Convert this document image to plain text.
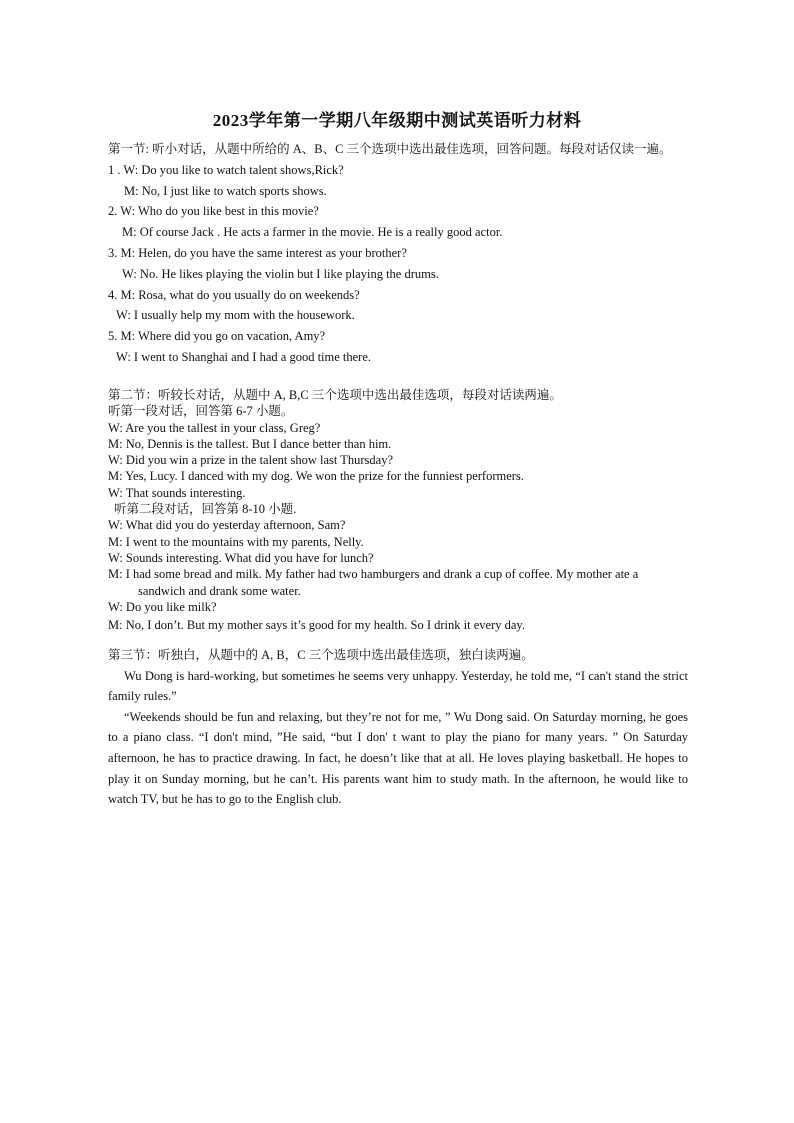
2023学年第一学期八年级期中测试英语听力材料
第一节: 听小对话，从题中所给的 A、B、C 三个选项中选出最佳选项，回答问题。每段对话仅读一遍。
1 . W: Do you like to watch talent shows,Rick?
M: No, I just like to watch sports shows.
2. W: Who do you like best in this movie?
M: Of course Jack . He acts a farmer in the movie. He is a really good actor.
3. M: Helen, do you have the same interest as your brother?
W: No. He likes playing the violin but I like playing the drums.
4. M: Rosa, what do you usually do on weekends?
W: I usually help my mom with the housework.
5. M: Where did you go on vacation, Amy?
W: I went to Shanghai and I had a good time there.
第二节：听较长对话，从题中 A, B,C 三个选项中选出最佳选项，每段对话读两遍。
听第一段对话，回答第 6-7 小题。
W: Are you the tallest in your class, Greg?
M: No, Dennis is the tallest. But I dance better than him.
W: Did you win a prize in the talent show last Thursday?
M: Yes, Lucy. I danced with my dog. We won the prize for the funniest performers.
W: That sounds interesting.
听第二段对话，回答第 8-10 小题.
W: What did you do yesterday afternoon, Sam?
M: I went to the mountains with my parents, Nelly.
W: Sounds interesting. What did you have for lunch?
M: I had some bread and milk. My father had two hamburgers and drank a cup of coffee. My mother ate a sandwich and drank some water.
W: Do you like milk?
M: No, I don’t. But my mother says it’s good for my health. So I drink it every day.
第三节：听独白，从题中的 A, B，C 三个选项中选出最佳选项，独白读两遍。
Wu Dong is hard-working, but sometimes he seems very unhappy. Yesterday, he told me, “I can't stand the strict family rules.”
“Weekends should be fun and relaxing, but they’re not for me, ” Wu Dong said. On Saturday morning, he goes to a piano class. “I don't mind, ”He said, “but I don' t want to play the piano for many years. ” On Saturday afternoon, he has to practice drawing. In fact, he doesn’t like that at all. He loves playing basketball. He hopes to play it on Sunday morning, but he can’t. His parents want him to study math. In the afternoon, he would like to watch TV, but he has to go to the English club.
